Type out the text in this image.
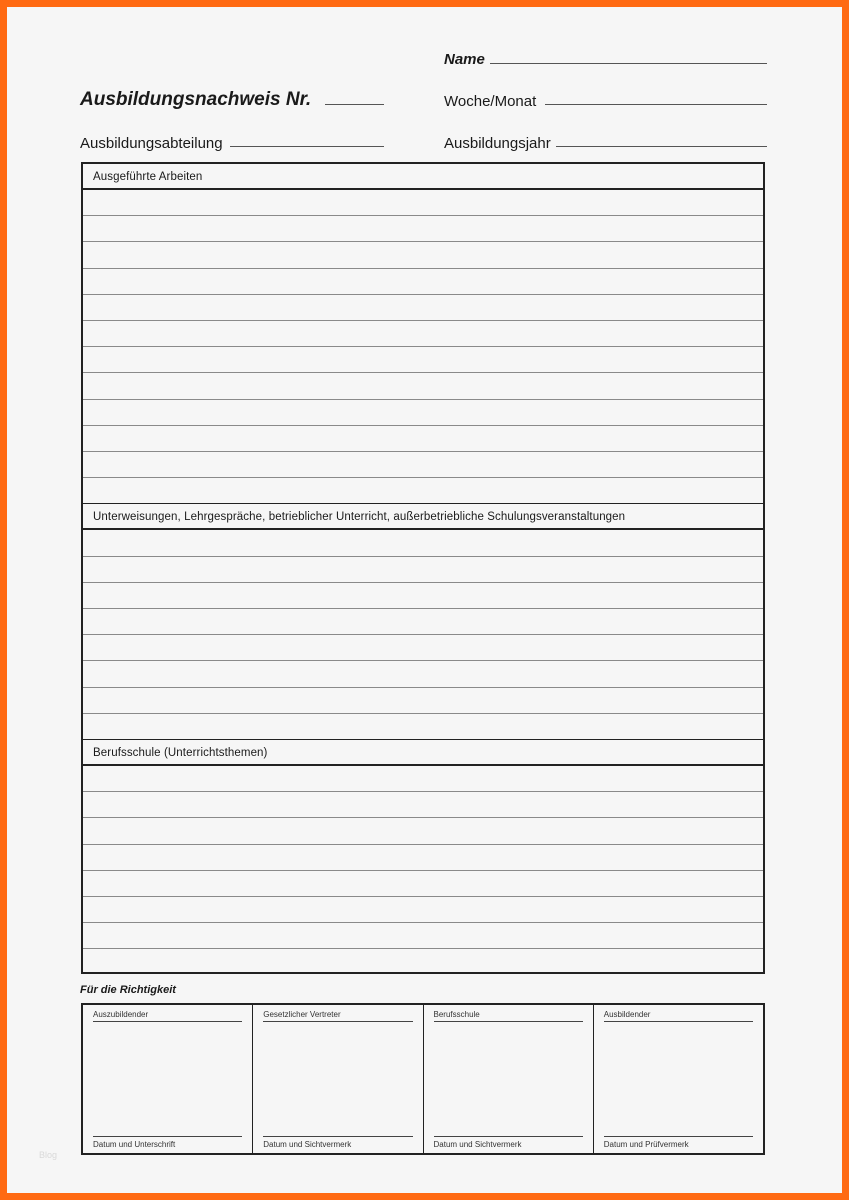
Name
Ausbildungsnachweis Nr.	Woche/Monat
Ausbildungsabteilung	Ausbildungsjahr
Ausgeführte Arbeiten
Unterweisungen, Lehrgespräche, betrieblicher Unterricht, außerbetriebliche Schulungsveranstaltungen
Berufsschule (Unterrichtsthemen)
Für die Richtigkeit
Auszubildender
Datum und Unterschrift
Gesetzlicher Vertreter
Datum und Sichtvermerk
Berufsschule
Datum und Sichtvermerk
Ausbildender
Datum und Prüfvermerk
Blog
